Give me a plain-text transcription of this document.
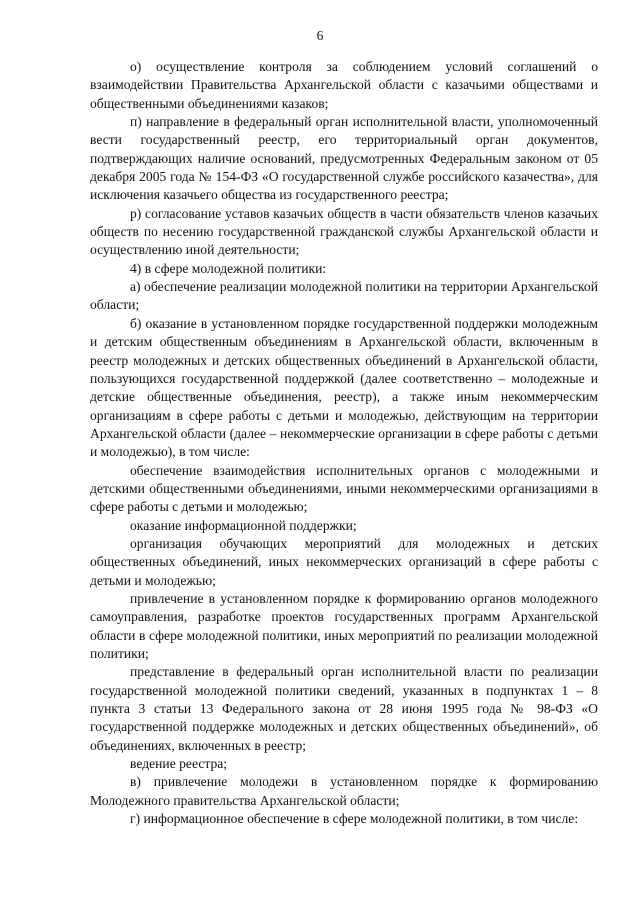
6

о) осуществление контроля за соблюдением условий соглашений о взаимодействии Правительства Архангельской области с казачьими обществами и общественными объединениями казаков;

п) направление в федеральный орган исполнительной власти, уполномоченный вести государственный реестр, его территориальный орган документов, подтверждающих наличие оснований, предусмотренных Федеральным законом от 05 декабря 2005 года № 154-ФЗ «О государственной службе российского казачества», для исключения казачьего общества из государственного реестра;

р) согласование уставов казачьих обществ в части обязательств членов казачьих обществ по несению государственной гражданской службы Архангельской области и осуществлению иной деятельности;

4) в сфере молодежной политики:

а) обеспечение реализации молодежной политики на территории Архангельской области;

б) оказание в установленном порядке государственной поддержки молодежным и детским общественным объединениям в Архангельской области, включенным в реестр молодежных и детских общественных объединений в Архангельской области, пользующихся государственной поддержкой (далее соответственно – молодежные и детские общественные объединения, реестр), а также иным некоммерческим организациям в сфере работы с детьми и молодежью, действующим на территории Архангельской области (далее – некоммерческие организации в сфере работы с детьми и молодежью), в том числе:

обеспечение взаимодействия исполнительных органов с молодежными и детскими общественными объединениями, иными некоммерческими организациями в сфере работы с детьми и молодежью;

оказание информационной поддержки;

организация обучающих мероприятий для молодежных и детских общественных объединений, иных некоммерческих организаций в сфере работы с детьми и молодежью;

привлечение в установленном порядке к формированию органов молодежного самоуправления, разработке проектов государственных программ Архангельской области в сфере молодежной политики, иных мероприятий по реализации молодежной политики;

представление в федеральный орган исполнительной власти по реализации государственной молодежной политики сведений, указанных в подпунктах 1 – 8 пункта 3 статьи 13 Федерального закона от 28 июня 1995 года № 98-ФЗ «О государственной поддержке молодежных и детских общественных объединений», об объединениях, включенных в реестр;

ведение реестра;

в) привлечение молодежи в установленном порядке к формированию Молодежного правительства Архангельской области;

г) информационное обеспечение в сфере молодежной политики, в том числе:
